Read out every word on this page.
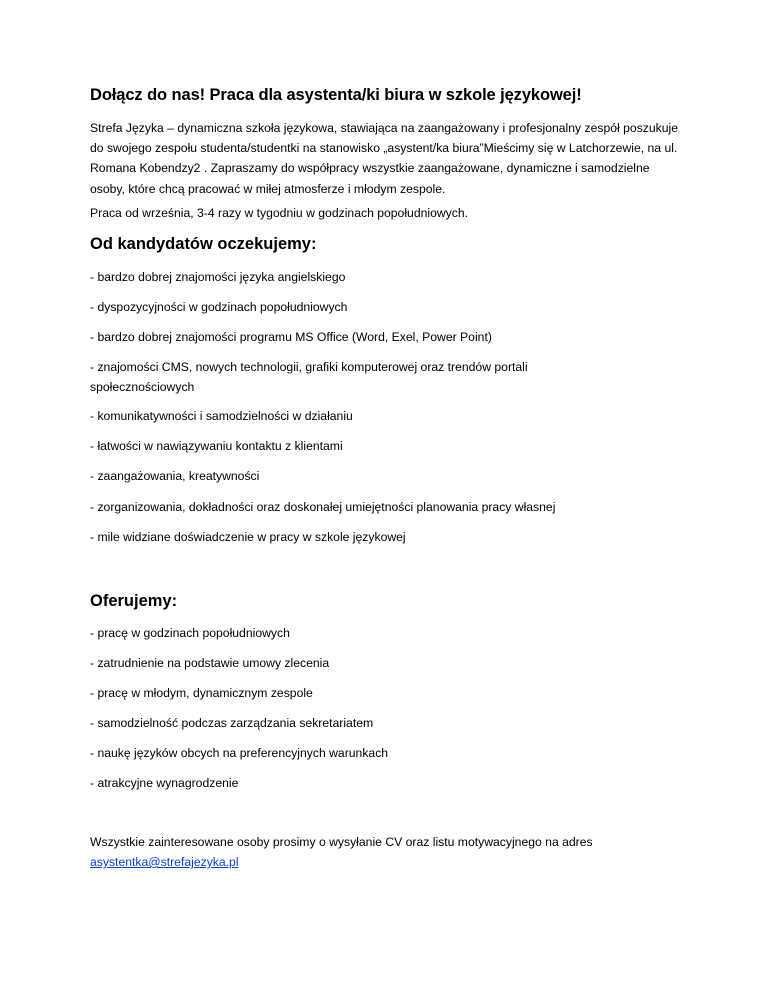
Dołącz do nas! Praca dla asystenta/ki biura w szkole językowej!

Strefa Języka – dynamiczna szkoła językowa, stawiająca na zaangażowany i profesjonalny zespół poszukuje do swojego zespołu studenta/studentki na stanowisko „asystent/ka biura”Mieścimy się w Latchorzewie, na ul. Romana Kobendzy2 . Zapraszamy do współpracy wszystkie zaangażowane, dynamiczne i samodzielne osoby, które chcą pracować w miłej atmosferze i młodym zespole.

Praca od września, 3-4 razy w tygodniu w godzinach popołudniowych.

Od kandydatów oczekujemy:

- bardzo dobrej znajomości języka angielskiego

- dyspozycyjności w godzinach popołudniowych

- bardzo dobrej znajomości programu MS Office (Word, Exel, Power Point)

- znajomości CMS, nowych technologii, grafiki komputerowej oraz trendów portali społecznościowych

- komunikatywności i samodzielności w działaniu

- łatwości w nawiązywaniu kontaktu z klientami

- zaangażowania, kreatywności

- zorganizowania, dokładności oraz doskonałej umiejętności planowania pracy własnej

- mile widziane doświadczenie w pracy w szkole językowej

Oferujemy:

- pracę w godzinach popołudniowych

- zatrudnienie na podstawie umowy zlecenia

- pracę w młodym, dynamicznym zespole

- samodzielność podczas zarządzania sekretariatem

- naukę języków obcych na preferencyjnych warunkach

- atrakcyjne wynagrodzenie

Wszystkie zainteresowane osoby prosimy o wysyłanie CV oraz listu motywacyjnego na adres

asystentka@strefajezyka.pl
